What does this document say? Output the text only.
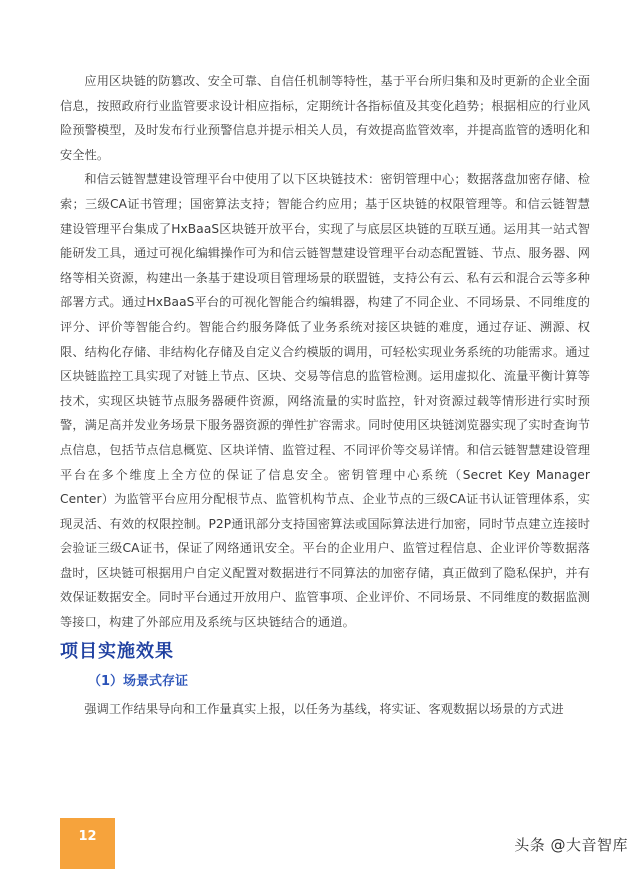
应用区块链的防篡改、安全可靠、自信任机制等特性，基于平台所归集和及时更新的企业全面信息，按照政府行业监管要求设计相应指标，定期统计各指标值及其变化趋势；根据相应的行业风险预警模型，及时发布行业预警信息并提示相关人员，有效提高监管效率，并提高监管的透明化和安全性。

和信云链智慧建设管理平台中使用了以下区块链技术：密钥管理中心；数据落盘加密存储、检索；三级CA证书管理；国密算法支持；智能合约应用；基于区块链的权限管理等。和信云链智慧建设管理平台集成了HxBaaS区块链开放平台，实现了与底层区块链的互联互通。运用其一站式智能研发工具，通过可视化编辑操作可为和信云链智慧建设管理平台动态配置链、节点、服务器、网络等相关资源，构建出一条基于建设项目管理场景的联盟链，支持公有云、私有云和混合云等多种部署方式。通过HxBaaS平台的可视化智能合约编辑器，构建了不同企业、不同场景、不同维度的评分、评价等智能合约。智能合约服务降低了业务系统对接区块链的难度，通过存证、溯源、权限、结构化存储、非结构化存储及自定义合约模版的调用，可轻松实现业务系统的功能需求。通过区块链监控工具实现了对链上节点、区块、交易等信息的监管检测。运用虚拟化、流量平衡计算等技术，实现区块链节点服务器硬件资源，网络流量的实时监控，针对资源过载等情形进行实时预警，满足高并发业务场景下服务器资源的弹性扩容需求。同时使用区块链浏览器实现了实时查询节点信息，包括节点信息概览、区块详情、监管过程、不同评价等交易详情。和信云链智慧建设管理平台在多个维度上全方位的保证了信息安全。密钥管理中心系统（Secret Key Manager Center）为监管平台应用分配根节点、监管机构节点、企业节点的三级CA证书认证管理体系，实现灵活、有效的权限控制。P2P通讯部分支持国密算法或国际算法进行加密，同时节点建立连接时会验证三级CA证书，保证了网络通讯安全。平台的企业用户、监管过程信息、企业评价等数据落盘时，区块链可根据用户自定义配置对数据进行不同算法的加密存储，真正做到了隐私保护，并有效保证数据安全。同时平台通过开放用户、监管事项、企业评价、不同场景、不同维度的数据监测等接口，构建了外部应用及系统与区块链结合的通道。

项目实施效果
（1）场景式存证

强调工作结果导向和工作量真实上报，以任务为基线，将实证、客观数据以场景的方式进

12	头条 @大音智库
